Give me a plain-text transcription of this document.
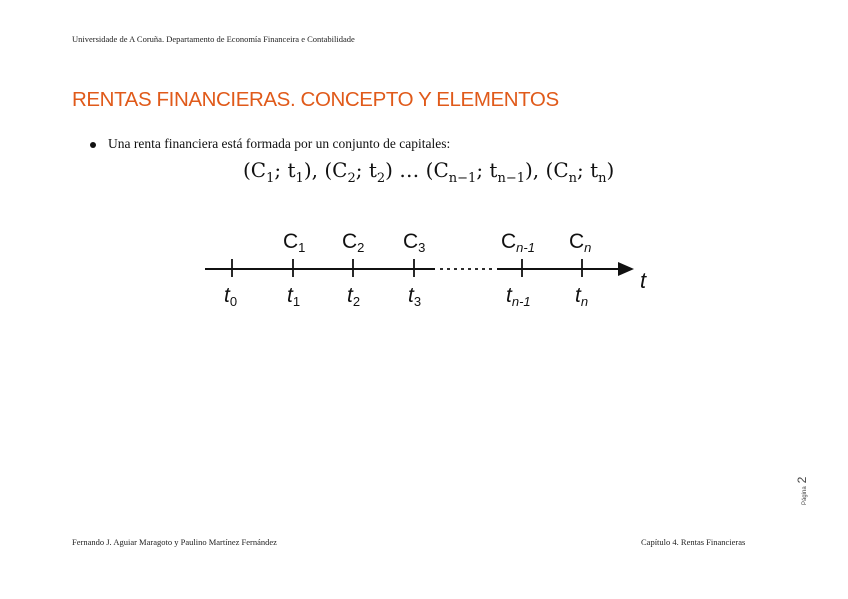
Universidade de A Coruña. Departamento de Economía Financeira e Contabilidade
RENTAS FINANCIERAS. CONCEPTO Y ELEMENTOS
Una renta financiera está formada por un conjunto de capitales:
($C_1$; $t_1$), ($C_2$; $t_2$) … ($C_{n-1}$; $t_{n-1}$), ($C_n$; $t_n$)
C1 C2 C3	Cn-1 Cn
t0 t1 t2 t3	tn-1 tn
t
Página2
Fernando J. Aguiar Maragoto y Paulino Martínez Fernández	Capítulo 4. Rentas Financieras
